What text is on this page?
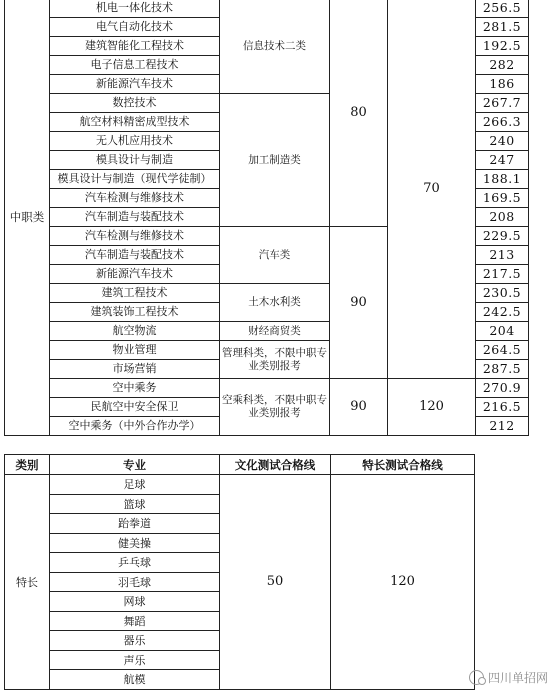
中职类	机电一体化技术	信息技术二类	80	70	256.5
	电气自动化技术				281.5
	建筑智能化工程技术				192.5
	电子信息工程技术				282
	新能源汽车技术				186
	数控技术	加工制造类			267.7
	航空材料精密成型技术				266.3
	无人机应用技术				240
	模具设计与制造				247
	模具设计与制造（现代学徒制）				188.1
	汽车检测与维修技术				169.5
	汽车制造与装配技术				208
	汽车检测与维修技术	汽车类	90		229.5
	汽车制造与装配技术				213
	新能源汽车技术				217.5
	建筑工程技术	土木水利类			230.5
	建筑装饰工程技术				242.5
	航空物流	财经商贸类			204
	物业管理	管理科类，不限中职专业类别报考			264.5
	市场营销				287.5
	空中乘务	空乘科类，不限中职专业类别报考	90	120	270.9
	民航空中安全保卫				216.5
	空中乘务（中外合作办学）				212
类别	专业	文化测试合格线	特长测试合格线
特长	足球	50	120
	篮球		
	跆拳道		
	健美操		
	乒乓球		
	羽毛球		
	网球		
	舞蹈		
	器乐		
	声乐		
	航模			四川单招网
